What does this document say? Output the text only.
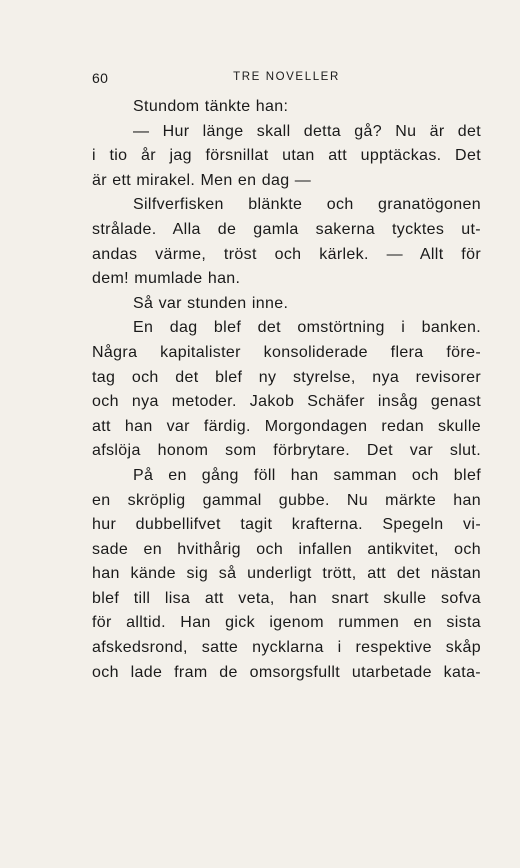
60	TRE NOVELLER
Stundom tänkte han:
— Hur länge skall detta gå? Nu är det
i tio år jag försnillat utan att upptäckas. Det
är ett mirakel. Men en dag —
Silfverfisken blänkte och granatögonen
strålade. Alla de gamla sakerna tycktes ut-
andas värme, tröst och kärlek. — Allt för
dem! mumlade han.
Så var stunden inne.
En dag blef det omstörtning i banken.
Några kapitalister konsoliderade flera före-
tag och det blef ny styrelse, nya revisorer
och nya metoder. Jakob Schäfer insåg genast
att han var färdig. Morgondagen redan skulle
afslöja honom som förbrytare. Det var slut.
På en gång föll han samman och blef
en skröplig gammal gubbe. Nu märkte han
hur dubbellifvet tagit krafterna. Spegeln vi-
sade en hvithårig och infallen antikvitet, och
han kände sig så underligt trött, att det nästan
blef till lisa att veta, han snart skulle sofva
för alltid. Han gick igenom rummen en sista
afskedsrond, satte nycklarna i respektive skåp
och lade fram de omsorgsfullt utarbetade kata-
